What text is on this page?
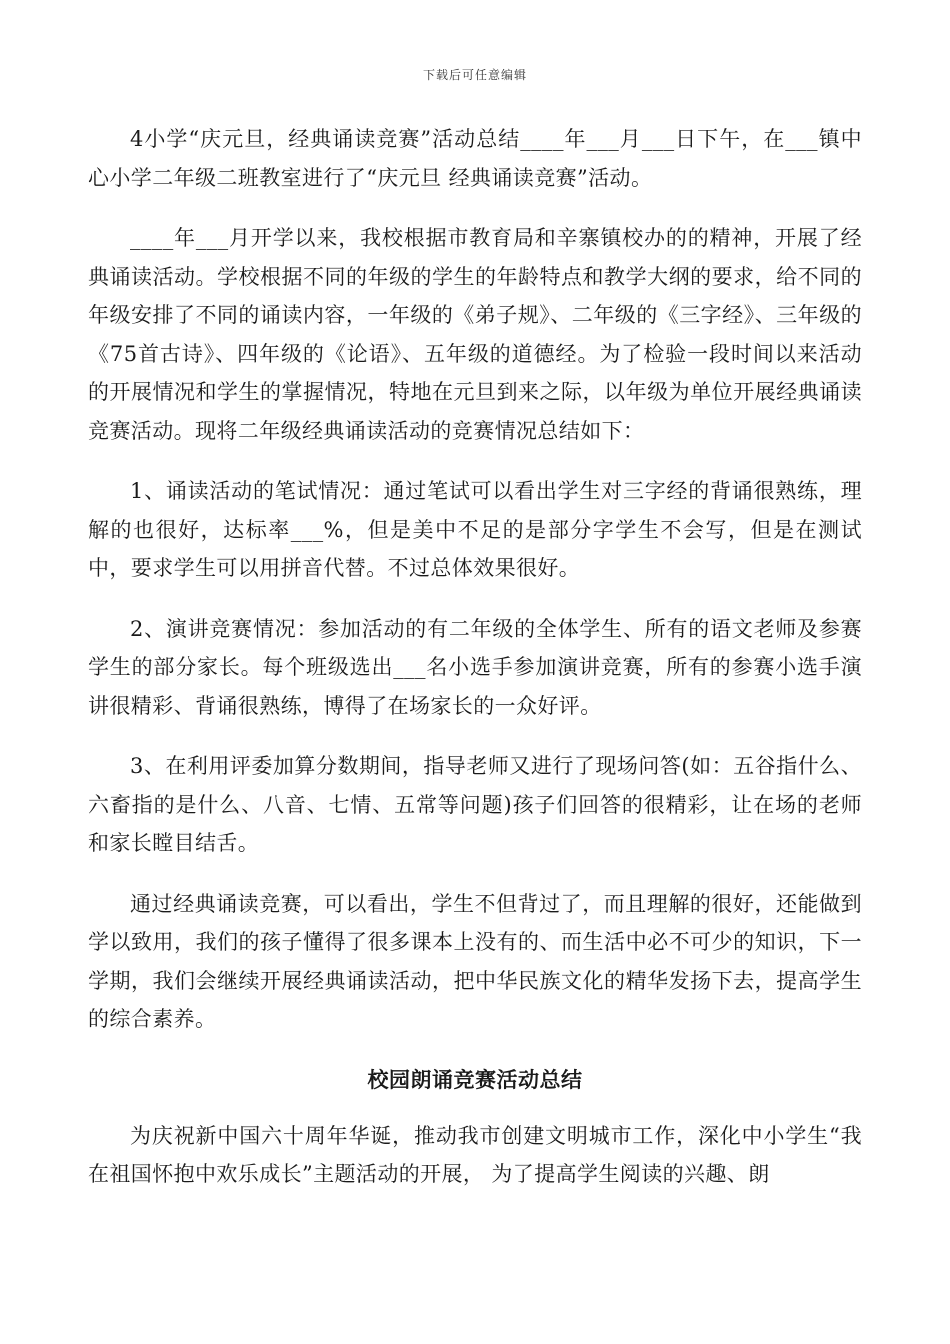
下载后可任意编辑

4小学“庆元旦，经典诵读竞赛”活动总结____年___月___日下午，在___镇中心小学二年级二班教室进行了“庆元旦 经典诵读竞赛”活动。

____年___月开学以来，我校根据市教育局和辛寨镇校办的的精神，开展了经典诵读活动。学校根据不同的年级的学生的年龄特点和教学大纲的要求，给不同的年级安排了不同的诵读内容，一年级的《弟子规》、二年级的《三字经》、三年级的《75首古诗》、四年级的《论语》、五年级的道德经。为了检验一段时间以来活动的开展情况和学生的掌握情况，特地在元旦到来之际，以年级为单位开展经典诵读竞赛活动。现将二年级经典诵读活动的竞赛情况总结如下：

1、诵读活动的笔试情况：通过笔试可以看出学生对三字经的背诵很熟练，理解的也很好，达标率___%，但是美中不足的是部分字学生不会写，但是在测试中，要求学生可以用拼音代替。不过总体效果很好。

2、演讲竞赛情况：参加活动的有二年级的全体学生、所有的语文老师及参赛学生的部分家长。每个班级选出___名小选手参加演讲竞赛，所有的参赛小选手演讲很精彩、背诵很熟练，博得了在场家长的一众好评。

3、在利用评委加算分数期间，指导老师又进行了现场问答(如：五谷指什么、六畜指的是什么、八音、七情、五常等问题)孩子们回答的很精彩，让在场的老师和家长瞠目结舌。

通过经典诵读竞赛，可以看出，学生不但背过了，而且理解的很好，还能做到学以致用，我们的孩子懂得了很多课本上没有的、而生活中必不可少的知识，下一学期，我们会继续开展经典诵读活动，把中华民族文化的精华发扬下去，提高学生的综合素养。

校园朗诵竞赛活动总结

为庆祝新中国六十周年华诞，推动我市创建文明城市工作，深化中小学生“我在祖国怀抱中欢乐成长”主题活动的开展， 为了提高学生阅读的兴趣、朗
